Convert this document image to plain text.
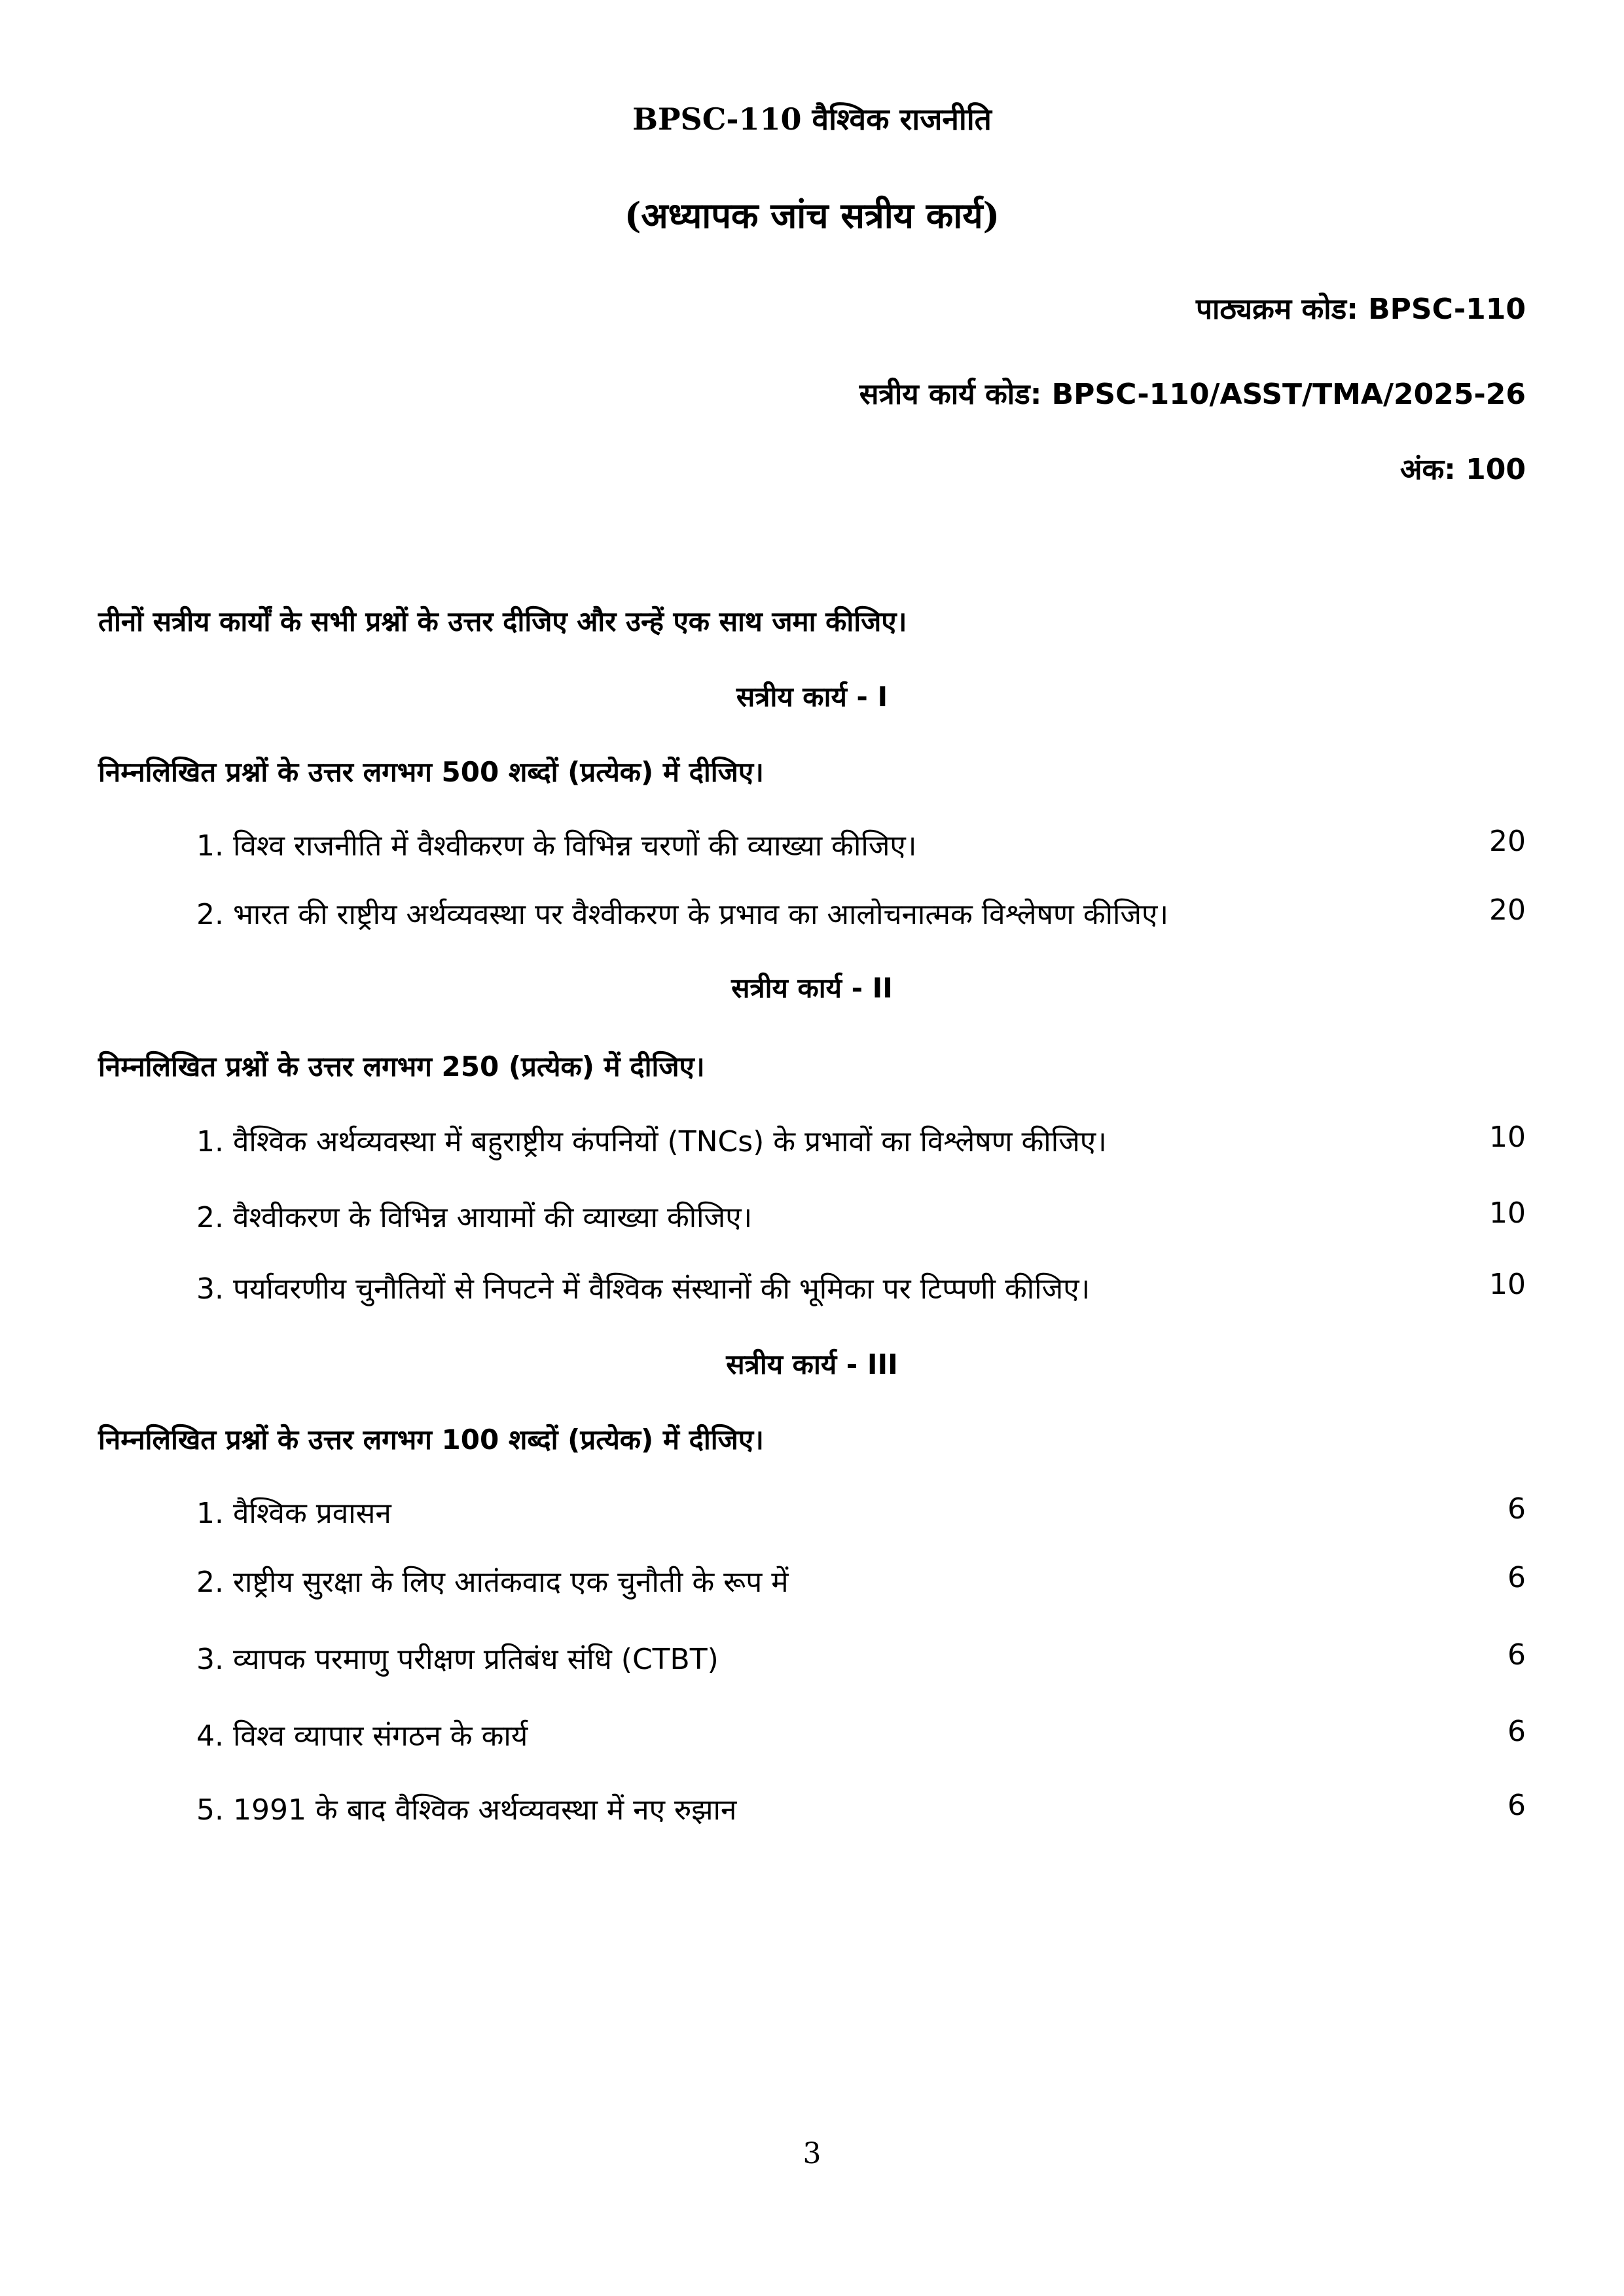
BPSC-110 वैश्विक राजनीति
(अध्यापक जांच सत्रीय कार्य)
पाठ्यक्रम कोड: BPSC-110
सत्रीय कार्य कोड: BPSC-110/ASST/TMA/2025-26
अंक: 100
तीनों सत्रीय कार्यों के सभी प्रश्नों के उत्तर दीजिए और उन्हें एक साथ जमा कीजिए।
सत्रीय कार्य - I
निम्नलिखित प्रश्नों के उत्तर लगभग 500 शब्दों (प्रत्येक) में दीजिए।
1. विश्व राजनीति में वैश्वीकरण के विभिन्न चरणों की व्याख्या कीजिए।	20
2. भारत की राष्ट्रीय अर्थव्यवस्था पर वैश्वीकरण के प्रभाव का आलोचनात्मक विश्लेषण कीजिए।	20
सत्रीय कार्य - II
निम्नलिखित प्रश्नों के उत्तर लगभग 250 (प्रत्येक) में दीजिए।
1. वैश्विक अर्थव्यवस्था में बहुराष्ट्रीय कंपनियों (TNCs) के प्रभावों का विश्लेषण कीजिए।	10
2. वैश्वीकरण के विभिन्न आयामों की व्याख्या कीजिए।	10
3. पर्यावरणीय चुनौतियों से निपटने में वैश्विक संस्थानों की भूमिका पर टिप्पणी कीजिए।	10
सत्रीय कार्य - III
निम्नलिखित प्रश्नों के उत्तर लगभग 100 शब्दों (प्रत्येक) में दीजिए।
1. वैश्विक प्रवासन	6
2. राष्ट्रीय सुरक्षा के लिए आतंकवाद एक चुनौती के रूप में	6
3. व्यापक परमाणु परीक्षण प्रतिबंध संधि (CTBT)	6
4. विश्व व्यापार संगठन के कार्य	6
5. 1991 के बाद वैश्विक अर्थव्यवस्था में नए रुझान	6
3
